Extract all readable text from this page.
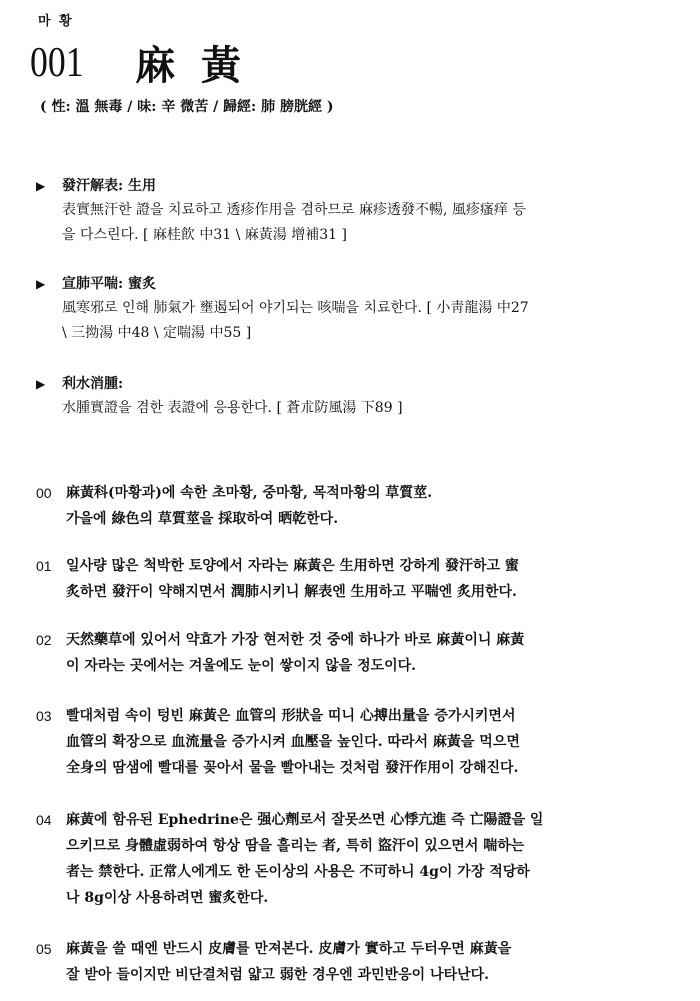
마 황
001 麻 黃
( 性: 溫 無毒 / 味: 辛 微苦 / 歸經: 肺 膀胱經 )
▶ 發汗解表: 生用
表實無汗한 證을 치료하고 透疹作用을 겸하므로 麻疹透發不暢, 風疹瘙痒 등
을 다스린다. [ 麻桂飮 中31 \ 麻黃湯 增補31 ]
▶ 宣肺平喘: 蜜炙
風寒邪로 인해 肺氣가 壅遏되어 야기되는 咳喘을 치료한다. [ 小靑龍湯 中27
\ 三拗湯 中48 \ 定喘湯 中55 ]
▶ 利水消腫:
水腫實證을 겸한 表證에 응용한다. [ 蒼朮防風湯 下89 ]
00	麻黃科(마황과)에 속한 초마황, 중마황, 목적마황의 草質莖.
가을에 綠色의 草質莖을 採取하여 晒乾한다.
01	일사량 많은 척박한 토양에서 자라는 麻黃은 生用하면 강하게 發汗하고 蜜
炙하면 發汗이 약해지면서 潤肺시키니 解表엔 生用하고 平喘엔 炙用한다.
02	天然藥草에 있어서 약효가 가장 현저한 것 중에 하나가 바로 麻黃이니 麻黃
이 자라는 곳에서는 겨울에도 눈이 쌓이지 않을 정도이다.
03	빨대처럼 속이 텅빈 麻黃은 血管의 形狀을 띠니 心搏出量을 증가시키면서
血管의 확장으로 血流量을 증가시켜 血壓을 높인다. 따라서 麻黃을 먹으면
全身의 땀샘에 빨대를 꽂아서 물을 빨아내는 것처럼 發汗作用이 강해진다.
04	麻黃에 함유된 Ephedrine은 强心劑로서 잘못쓰면 心悸亢進 즉 亡陽證을 일
으키므로 身體虛弱하여 항상 땀을 흘리는 者, 특히 盜汗이 있으면서 喘하는
者는 禁한다. 正常人에게도 한 돈이상의 사용은 不可하니 4g이 가장 적당하
나 8g이상 사용하려면 蜜炙한다.
05	麻黃을 쓸 때엔 반드시 皮膚를 만져본다. 皮膚가 實하고 두터우면 麻黃을
잘 받아 들이지만 비단결처럼 얇고 弱한 경우엔 과민반응이 나타난다.
